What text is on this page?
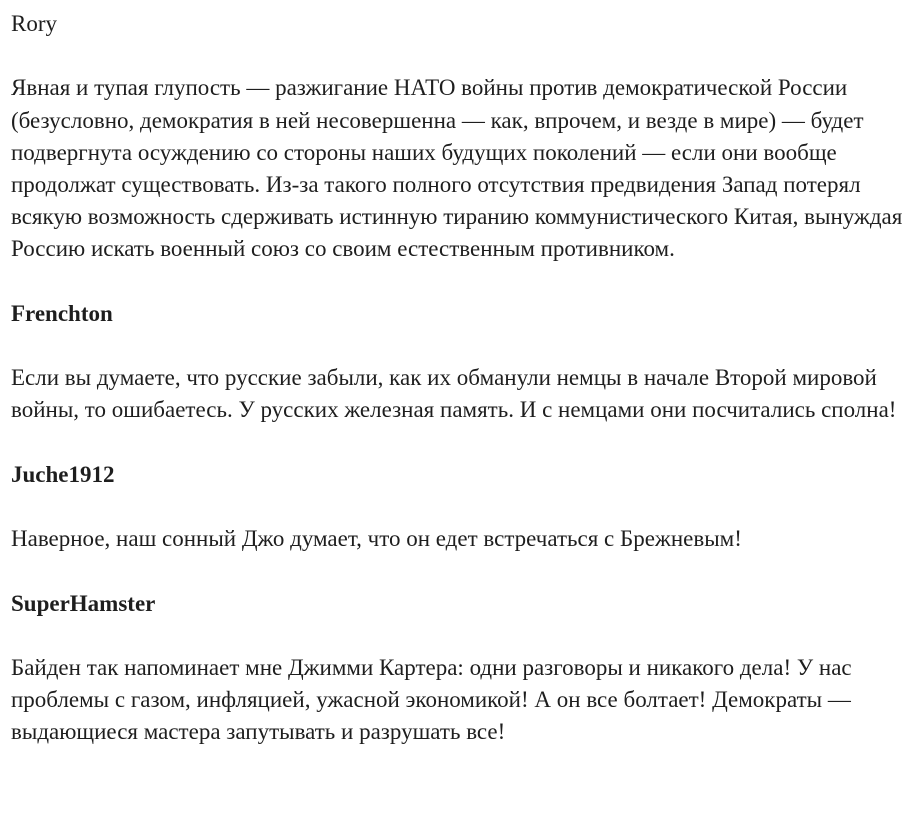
Rory

Явная и тупая глупость — разжигание НАТО войны против демократической России (безусловно, демократия в ней несовершенна — как, впрочем, и везде в мире) — будет подвергнута осуждению со стороны наших будущих поколений — если они вообще продолжат существовать. Из-за такого полного отсутствия предвидения Запад потерял всякую возможность сдерживать истинную тиранию коммунистического Китая, вынуждая Россию искать военный союз со своим естественным противником.

Frenchton

Если вы думаете, что русские забыли, как их обманули немцы в начале Второй мировой войны, то ошибаетесь. У русских железная память. И с немцами они посчитались сполна!

Juche1912

Наверное, наш сонный Джо думает, что он едет встречаться с Брежневым!

SuperHamster

Байден так напоминает мне Джимми Картера: одни разговоры и никакого дела! У нас проблемы с газом, инфляцией, ужасной экономикой! А он все болтает! Демократы — выдающиеся мастера запутывать и разрушать все!
